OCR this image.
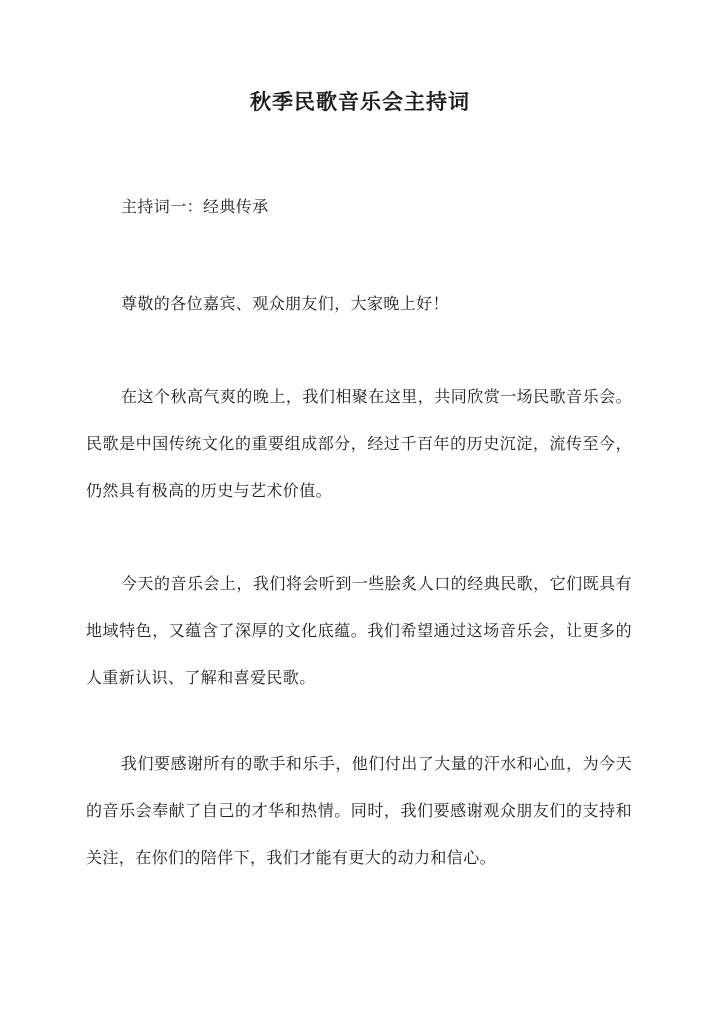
秋季民歌音乐会主持词

主持词一：经典传承

尊敬的各位嘉宾、观众朋友们，大家晚上好！

在这个秋高气爽的晚上，我们相聚在这里，共同欣赏一场民歌音乐会。民歌是中国传统文化的重要组成部分，经过千百年的历史沉淀，流传至今，仍然具有极高的历史与艺术价值。

今天的音乐会上，我们将会听到一些脍炙人口的经典民歌，它们既具有地域特色，又蕴含了深厚的文化底蕴。我们希望通过这场音乐会，让更多的人重新认识、了解和喜爱民歌。

我们要感谢所有的歌手和乐手，他们付出了大量的汗水和心血，为今天的音乐会奉献了自己的才华和热情。同时，我们要感谢观众朋友们的支持和关注，在你们的陪伴下，我们才能有更大的动力和信心。
